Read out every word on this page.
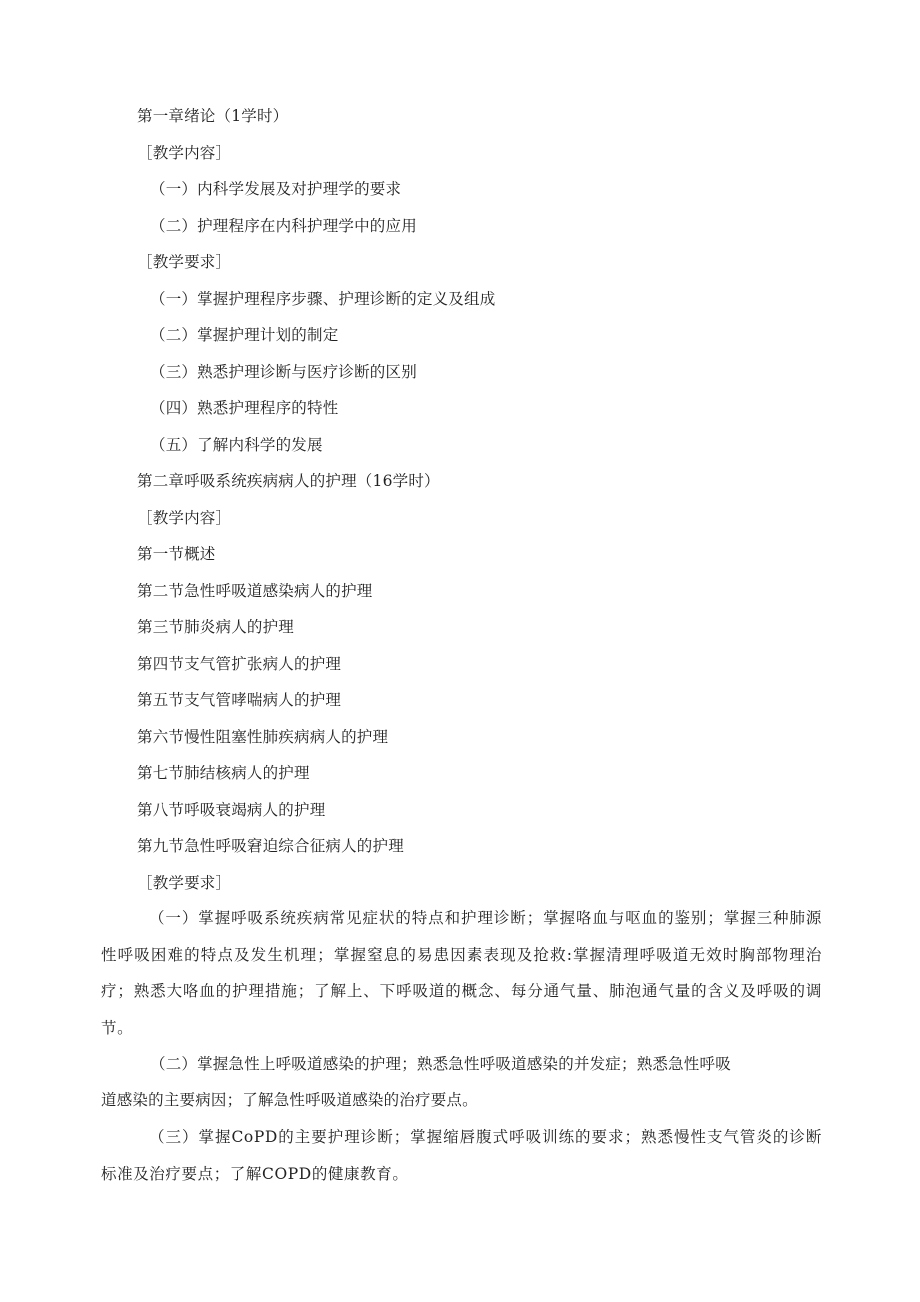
第一章绪论（1学时）
［教学内容］
（一）内科学发展及对护理学的要求
（二）护理程序在内科护理学中的应用
［教学要求］
（一）掌握护理程序步骤、护理诊断的定义及组成
（二）掌握护理计划的制定
（三）熟悉护理诊断与医疗诊断的区别
（四）熟悉护理程序的特性
（五）了解内科学的发展
第二章呼吸系统疾病病人的护理（16学时）
［教学内容］
第一节概述
第二节急性呼吸道感染病人的护理
第三节肺炎病人的护理
第四节支气管扩张病人的护理
第五节支气管哮喘病人的护理
第六节慢性阻塞性肺疾病病人的护理
第七节肺结核病人的护理
第八节呼吸衰竭病人的护理
第九节急性呼吸窘迫综合征病人的护理
［教学要求］
（一）掌握呼吸系统疾病常见症状的特点和护理诊断；掌握咯血与呕血的鉴别；掌握三种肺源性呼吸困难的特点及发生机理；掌握窒息的易患因素表现及抢救:掌握清理呼吸道无效时胸部物理治疗；熟悉大咯血的护理措施；了解上、下呼吸道的概念、每分通气量、肺泡通气量的含义及呼吸的调节。
（二）掌握急性上呼吸道感染的护理；熟悉急性呼吸道感染的并发症；熟悉急性呼吸
道感染的主要病因；了解急性呼吸道感染的治疗要点。
（三）掌握CoPD的主要护理诊断；掌握缩唇腹式呼吸训练的要求；熟悉慢性支气管炎的诊断标准及治疗要点；了解COPD的健康教育。
